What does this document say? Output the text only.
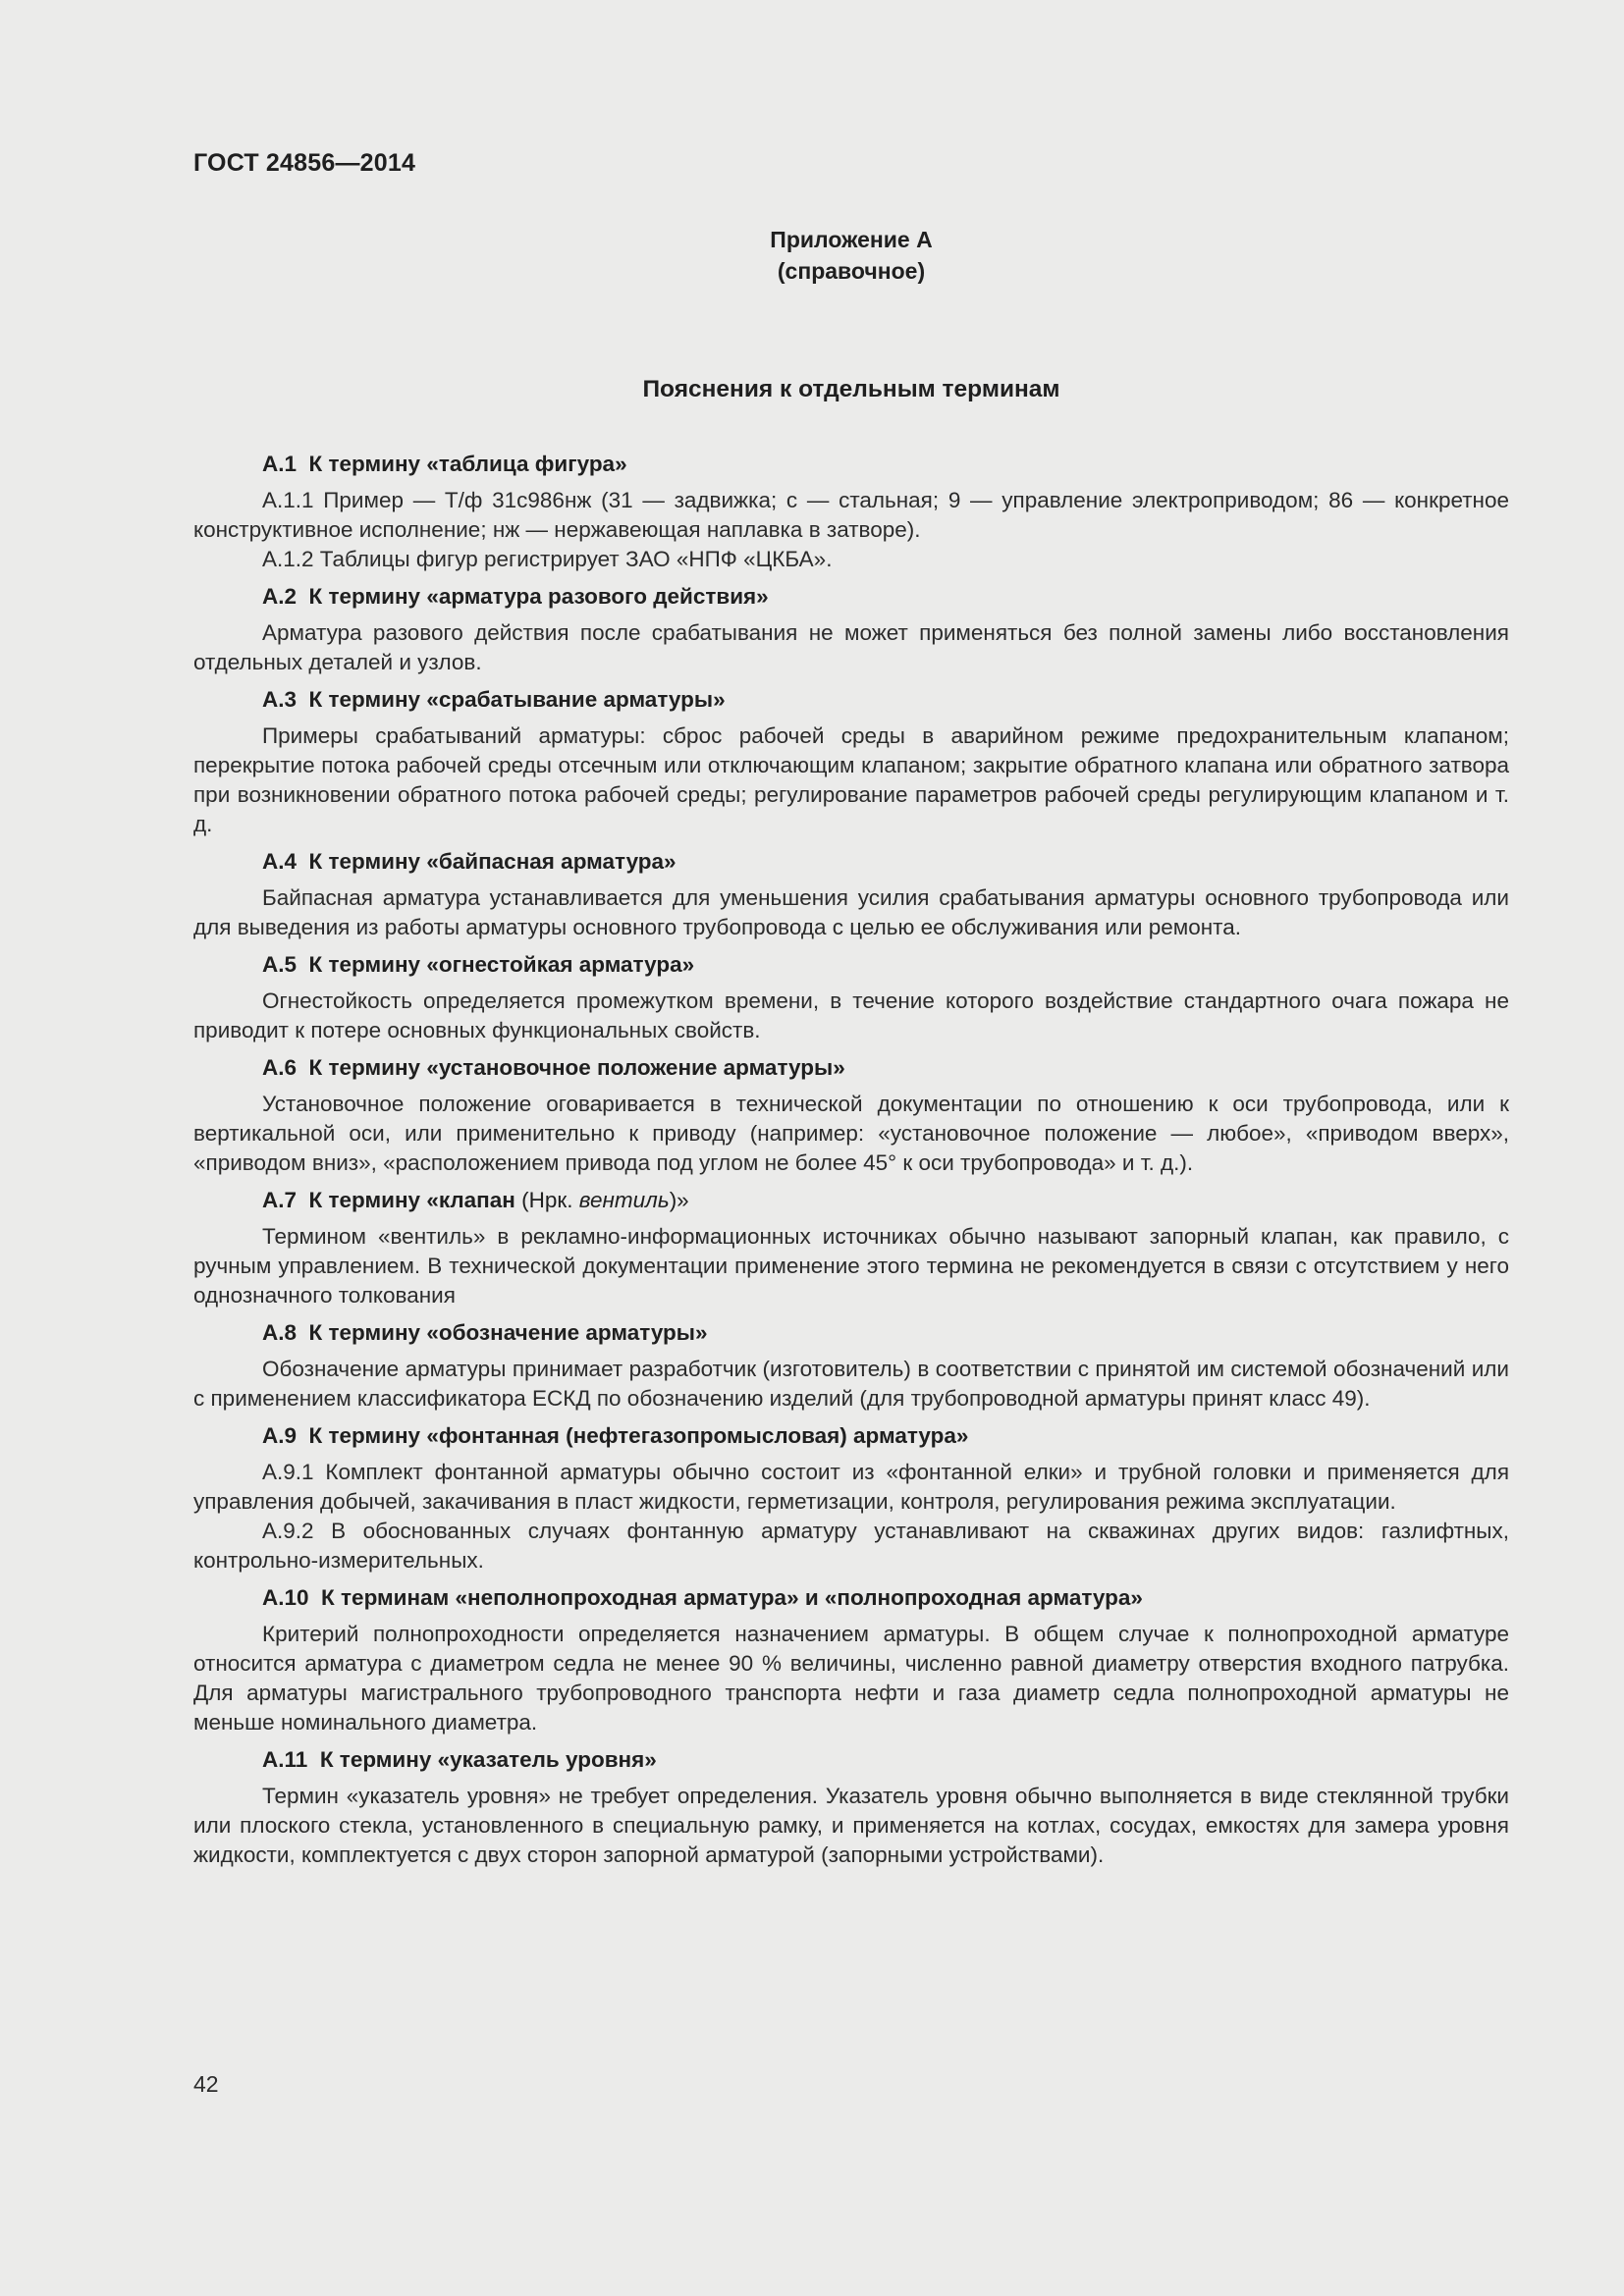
ГОСТ 24856—2014
Приложение А
(справочное)
Пояснения к отдельным терминам

А.1 К термину «таблица фигура»

А.1.1 Пример — Т/ф 31с986нж (31 — задвижка; с — стальная; 9 — управление электроприводом; 86 — конкретное конструктивное исполнение; нж — нержавеющая наплавка в затворе).

А.1.2 Таблицы фигур регистрирует ЗАО «НПФ «ЦКБА».

А.2 К термину «арматура разового действия»

Арматура разового действия после срабатывания не может применяться без полной замены либо восстановления отдельных деталей и узлов.

А.3 К термину «срабатывание арматуры»

Примеры срабатываний арматуры: сброс рабочей среды в аварийном режиме предохранительным клапаном; перекрытие потока рабочей среды отсечным или отключающим клапаном; закрытие обратного клапана или обратного затвора при возникновении обратного потока рабочей среды; регулирование параметров рабочей среды регулирующим клапаном и т. д.

А.4 К термину «байпасная арматура»

Байпасная арматура устанавливается для уменьшения усилия срабатывания арматуры основного трубопровода или для выведения из работы арматуры основного трубопровода с целью ее обслуживания или ремонта.

А.5 К термину «огнестойкая арматура»

Огнестойкость определяется промежутком времени, в течение которого воздействие стандартного очага пожара не приводит к потере основных функциональных свойств.

А.6 К термину «установочное положение арматуры»

Установочное положение оговаривается в технической документации по отношению к оси трубопровода, или к вертикальной оси, или применительно к приводу (например: «установочное положение — любое», «приводом вверх», «приводом вниз», «расположением привода под углом не более 45° к оси трубопровода» и т. д.).

А.7 К термину «клапан (Нрк. вентиль)»

Термином «вентиль» в рекламно-информационных источниках обычно называют запорный клапан, как правило, с ручным управлением. В технической документации применение этого термина не рекомендуется в связи с отсутствием у него однозначного толкования

А.8 К термину «обозначение арматуры»

Обозначение арматуры принимает разработчик (изготовитель) в соответствии с принятой им системой обозначений или с применением классификатора ЕСКД по обозначению изделий (для трубопроводной арматуры принят класс 49).

А.9 К термину «фонтанная (нефтегазопромысловая) арматура»

А.9.1 Комплект фонтанной арматуры обычно состоит из «фонтанной елки» и трубной головки и применяется для управления добычей, закачивания в пласт жидкости, герметизации, контроля, регулирования режима эксплуатации.

А.9.2 В обоснованных случаях фонтанную арматуру устанавливают на скважинах других видов: газлифтных, контрольно-измерительных.

А.10 К терминам «неполнопроходная арматура» и «полнопроходная арматура»

Критерий полнопроходности определяется назначением арматуры. В общем случае к полнопроходной арматуре относится арматура с диаметром седла не менее 90 % величины, численно равной диаметру отверстия входного патрубка. Для арматуры магистрального трубопроводного транспорта нефти и газа диаметр седла полнопроходной арматуры не меньше номинального диаметра.

А.11 К термину «указатель уровня»

Термин «указатель уровня» не требует определения. Указатель уровня обычно выполняется в виде стеклянной трубки или плоского стекла, установленного в специальную рамку, и применяется на котлах, сосудах, емкостях для замера уровня жидкости, комплектуется с двух сторон запорной арматурой (запорными устройствами).

42
